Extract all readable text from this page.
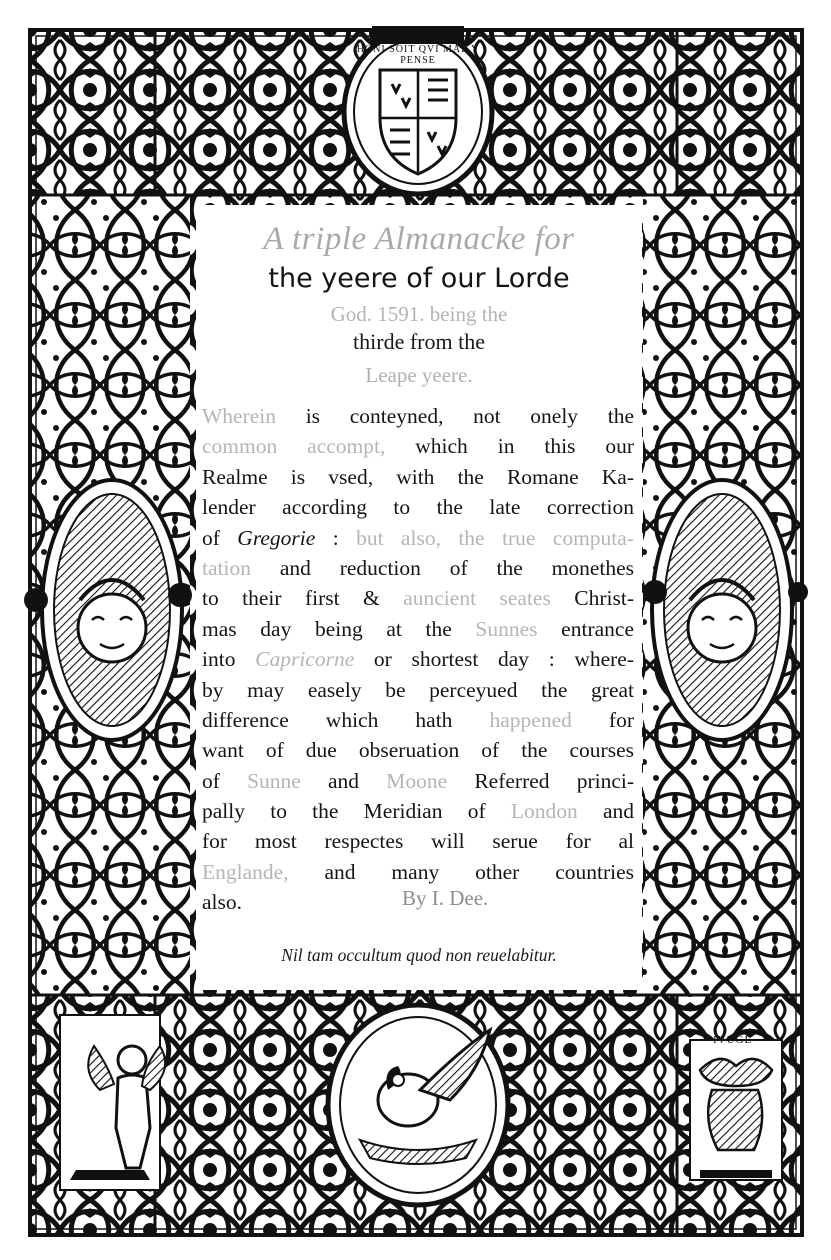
HONI SOIT QVI MAL Y PENSE
IVUGE
A triple Almanacke for
the yeere of our Lorde
God. 1591. being the
thirde from the
Leape yeere.
Wherein is conteyned, not onely the
common accompt, which in this our
Realme is vsed, with the Romane Ka-
lender according to the late correction
of Gregorie : but also, the true computa-
tation and reduction of the monethes
to their first & auncient seates Christ-
mas day being at the Sunnes entrance
into Capricorne or shortest day : where-
by may easely be perceyued the great
difference which hath happened for
want of due obseruation of the courses
of Sunne and Moone Referred princi-
pally to the Meridian of London and
for most respectes will serue for al
Englande, and many other countries
also.	By I. Dee.
Nil tam occultum quod non reuelabitur.
